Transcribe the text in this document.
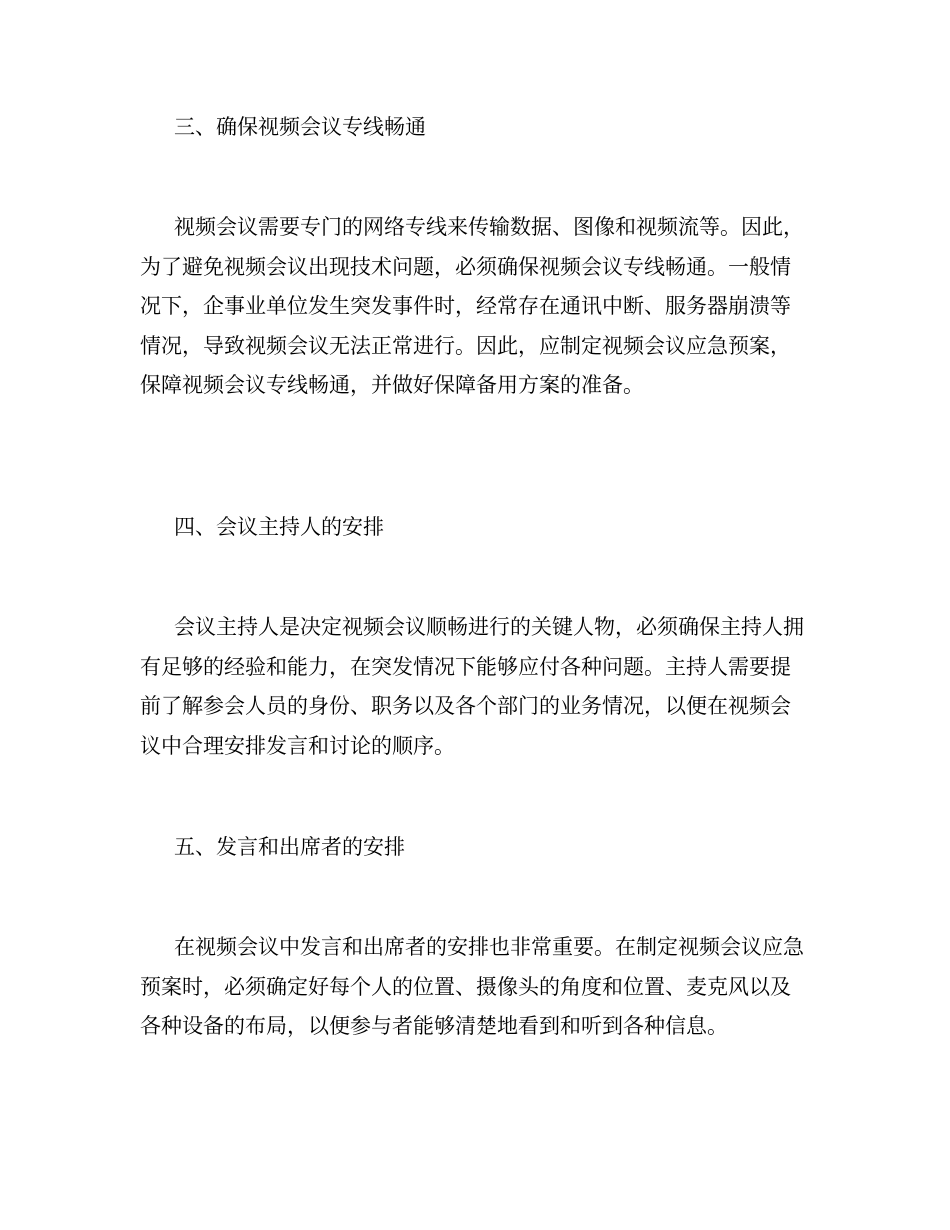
三、确保视频会议专线畅通

视频会议需要专门的网络专线来传输数据、图像和视频流等。因此，为了避免视频会议出现技术问题，必须确保视频会议专线畅通。一般情况下，企事业单位发生突发事件时，经常存在通讯中断、服务器崩溃等情况，导致视频会议无法正常进行。因此，应制定视频会议应急预案，保障视频会议专线畅通，并做好保障备用方案的准备。

四、会议主持人的安排

会议主持人是决定视频会议顺畅进行的关键人物，必须确保主持人拥有足够的经验和能力，在突发情况下能够应付各种问题。主持人需要提前了解参会人员的身份、职务以及各个部门的业务情况，以便在视频会议中合理安排发言和讨论的顺序。

五、发言和出席者的安排

在视频会议中发言和出席者的安排也非常重要。在制定视频会议应急预案时，必须确定好每个人的位置、摄像头的角度和位置、麦克风以及各种设备的布局，以便参与者能够清楚地看到和听到各种信息。
